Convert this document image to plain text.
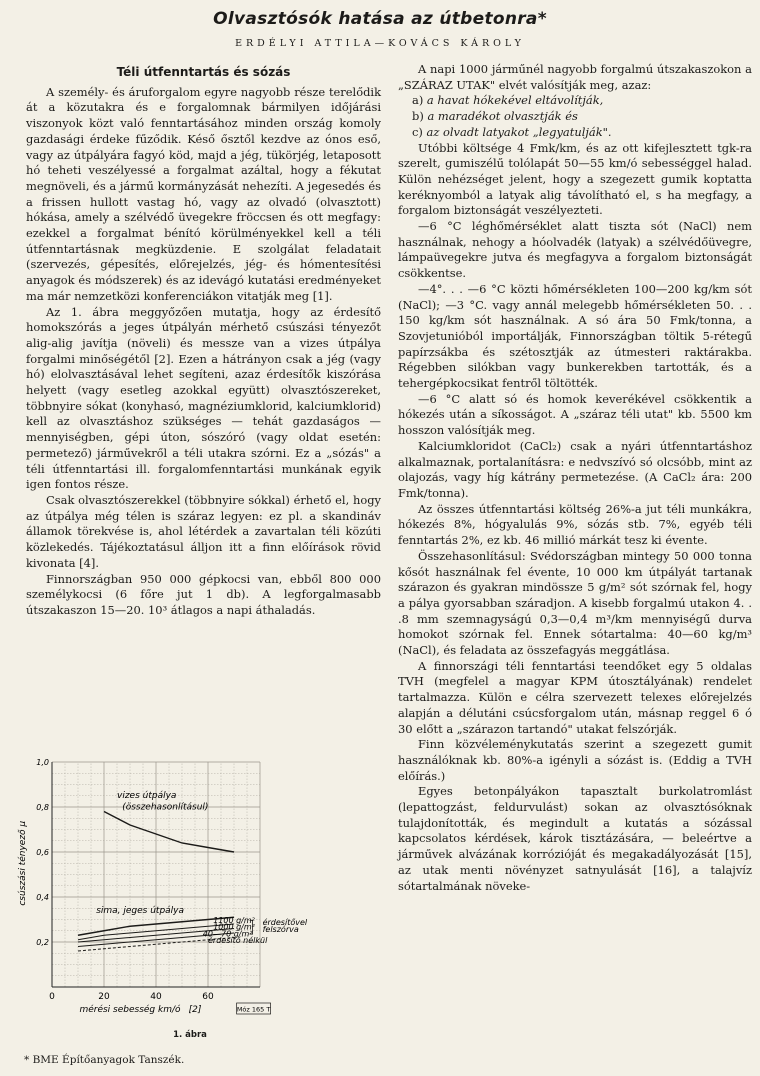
Olvasztósók hatása az útbetonra*
ERDÉLYI ATTILA—KOVÁCS KÁROLY
Téli útfenntartás és sózás

A személy- és áruforgalom egyre nagyobb része terelődik át a közutakra és e forgalomnak bármilyen időjárási viszonyok közt való fenntartásához minden ország komoly gazdasági érdeke fűződik. Késő ősztől kezdve az ónos eső, vagy az útpályára fagyó köd, majd a jég, tükörjég, letaposott hó teheti veszélyessé a forgalmat azáltal, hogy a fékutat megnöveli, és a jármű kormányzását nehezíti. A jegesedés és a frissen hullott vastag hó, vagy az olvadó (olvasztott) hókása, amely a szélvédő üvegekre fröccsen és ott megfagy: ezekkel a forgalmat bénító körülményekkel kell a téli útfenntartásnak megküzdenie. E szolgálat feladatait (szervezés, gépesítés, előrejelzés, jég- és hómentesítési anyagok és módszerek) és az idevágó kutatási eredményeket ma már nemzetközi konferenciákon vitatják meg [1].

Az 1. ábra meggyőzően mutatja, hogy az érdesítő homokszórás a jeges útpályán mérhető csúszási tényezőt alig-alig javítja (növeli) és messze van a vizes útpálya forgalmi minőségétől [2]. Ezen a hátrányon csak a jég (vagy hó) elolvasztásával lehet segíteni, azaz érdesítők kiszórása helyett (vagy esetleg azokkal együtt) olvasztószereket, többnyire sókat (konyhasó, magnéziumklorid, kalciumklorid) kell az olvasztáshoz szükséges — tehát gazdaságos — mennyiségben, gépi úton, sószóró (vagy oldat esetén: permetező) járművekről a téli utakra szórni. Ez a „sózás" a téli útfenntartási ill. forgalomfenntartási munkának egyik igen fontos része.

Csak olvasztószerekkel (többnyire sókkal) érhető el, hogy az útpálya még télen is száraz legyen: ez pl. a skandináv államok törekvése is, ahol létérdek a zavartalan téli közúti közlekedés. Tájékoztatásul álljon itt a finn előírások rövid kivonata [4].

Finnországban 950 000 gépkocsi van, ebből 800 000 személykocsi (6 főre jut 1 db). A legforgalmasabb útszakaszon 15—20. 10³ átlagos a napi áthaladás.

A napi 1000 járműnél nagyobb forgalmú útszakaszokon a „SZÁRAZ UTAK" elvét valósítják meg, azaz:

a) a havat hókekével eltávolítják,

b) a maradékot olvasztják és

c) az olvadt latyakot „legyatulják".

Utóbbi költsége 4 Fmk/km, és az ott kifejlesztett tgk-ra szerelt, gumiszélű tolólapát 50—55 km/ó sebességgel halad. Külön nehézséget jelent, hogy a szegezett gumik koptatta keréknyomból a latyak alig távolítható el, s ha megfagy, a forgalom biztonságát veszélyezteti.

—6 °C léghőmérséklet alatt tiszta sót (NaCl) nem használnak, nehogy a hóolvadék (latyak) a szélvédőüvegre, lámpaüvegekre jutva és megfagyva a forgalom biztonságát csökkentse.

—4°. . . —6 °C közti hőmérsékleten 100—200 kg/km sót (NaCl); —3 °C. vagy annál melegebb hőmérsékleten 50. . . 150 kg/km sót használnak. A só ára 50 Fmk/tonna, a Szovjetunióból importálják, Finnországban töltik 5-rétegű papírzsákba és szétosztják az útmesteri raktárakba. Régebben silókban vagy bunkerekben tartották, és a tehergépkocsikat fentről töltötték.

—6 °C alatt só és homok keverékével csökkentik a hókezés után a síkosságot. A „száraz téli utat" kb. 5500 km hosszon valósítják meg.

Kalciumkloridot (CaCl₂) csak a nyári útfenntartáshoz alkalmaznak, portalanításra: e nedvszívó só olcsóbb, mint az olajozás, vagy híg kátrány permetezése. (A CaCl₂ ára: 200 Fmk/tonna).

Az összes útfenntartási költség 26%-a jut téli munkákra, hókezés 8%, hógyalulás 9%, sózás stb. 7%, egyéb téli fenntartás 2%, ez kb. 46 millió márkát tesz ki évente.

Összehasonlításul: Svédországban mintegy 50 000 tonna kősót használnak fel évente, 10 000 km útpályát tartanak szárazon és gyakran mindössze 5 g/m² sót szórnak fel, hogy a pálya gyorsabban száradjon. A kisebb forgalmú utakon 4. . .8 mm szemnagyságú 0,3—0,4 m³/km mennyiségű durva homokot szórnak fel. Ennek sótartalma: 40—60 kg/m³ (NaCl), és feladata az összefagyás meggátlása.

A finnországi téli fenntartási teendőket egy 5 oldalas TVH (megfelel a magyar KPM útosztályának) rendelet tartalmazza. Külön e célra szervezett telexes előrejelzés alapján a délutáni csúcsforgalom után, másnap reggel 6 ó 30 előtt a „szárazon tartandó" utakat felszórják.

Finn közvéleménykutatás szerint a szegezett gumit használóknak kb. 80%-a igényli a sózást is. (Eddig a TVH előírás.)

Egyes betonpályákon tapasztalt burkolatromlást (lepattogzást, feldurvulást) sokan az olvasztósóknak tulajdonították, és megindult a kutatás a sózással kapcsolatos kérdések, károk tisztázására, — beleértve a járművek alvázának korrózióját és megakadályozását [15], az utak menti növényzet satnyulását [16], a talajvíz sótartalmának növeke-

0	20	40	60
0,2
0,4
0,6
0,8
1,0
vizes útpálya
(összehasonlításul)
sima, jeges útpálya
1100 g/m²
1000 g/m²
40—70 g/m²
érdesítő nélkül
érdesítővel
felszórva
mérési sebesség km/ó [2]
csúszási tényező μ
Móz 165 T
1. ábra
* BME Építőanyagok Tanszék.
